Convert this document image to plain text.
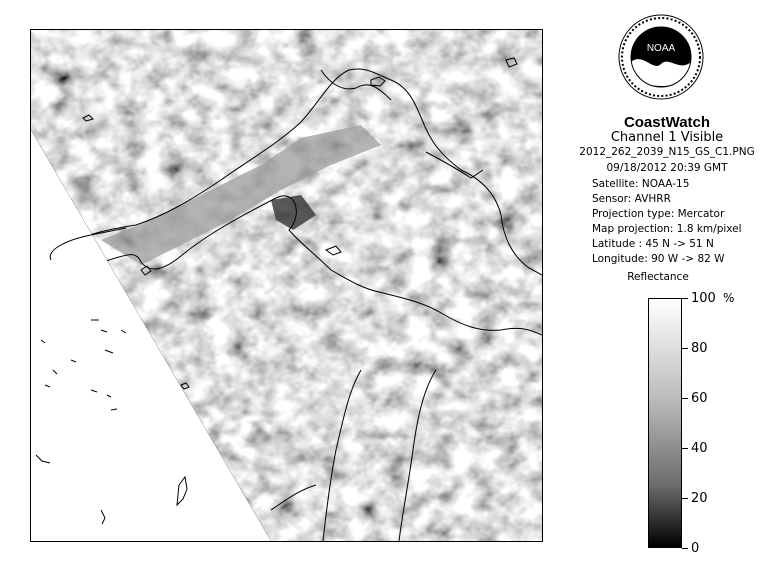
NOAA
CoastWatch
Channel 1 Visible
2012_262_2039_N15_GS_C1.PNG
09/18/2012 20:39 GMT
Satellite: NOAA-15
Sensor: AVHRR
Projection type: Mercator
Map projection: 1.8 km/pixel
Latitude : 45 N -> 51 N
Longitude: 90 W -> 82 W
Reflectance
%
100
80
60
40
20
0
